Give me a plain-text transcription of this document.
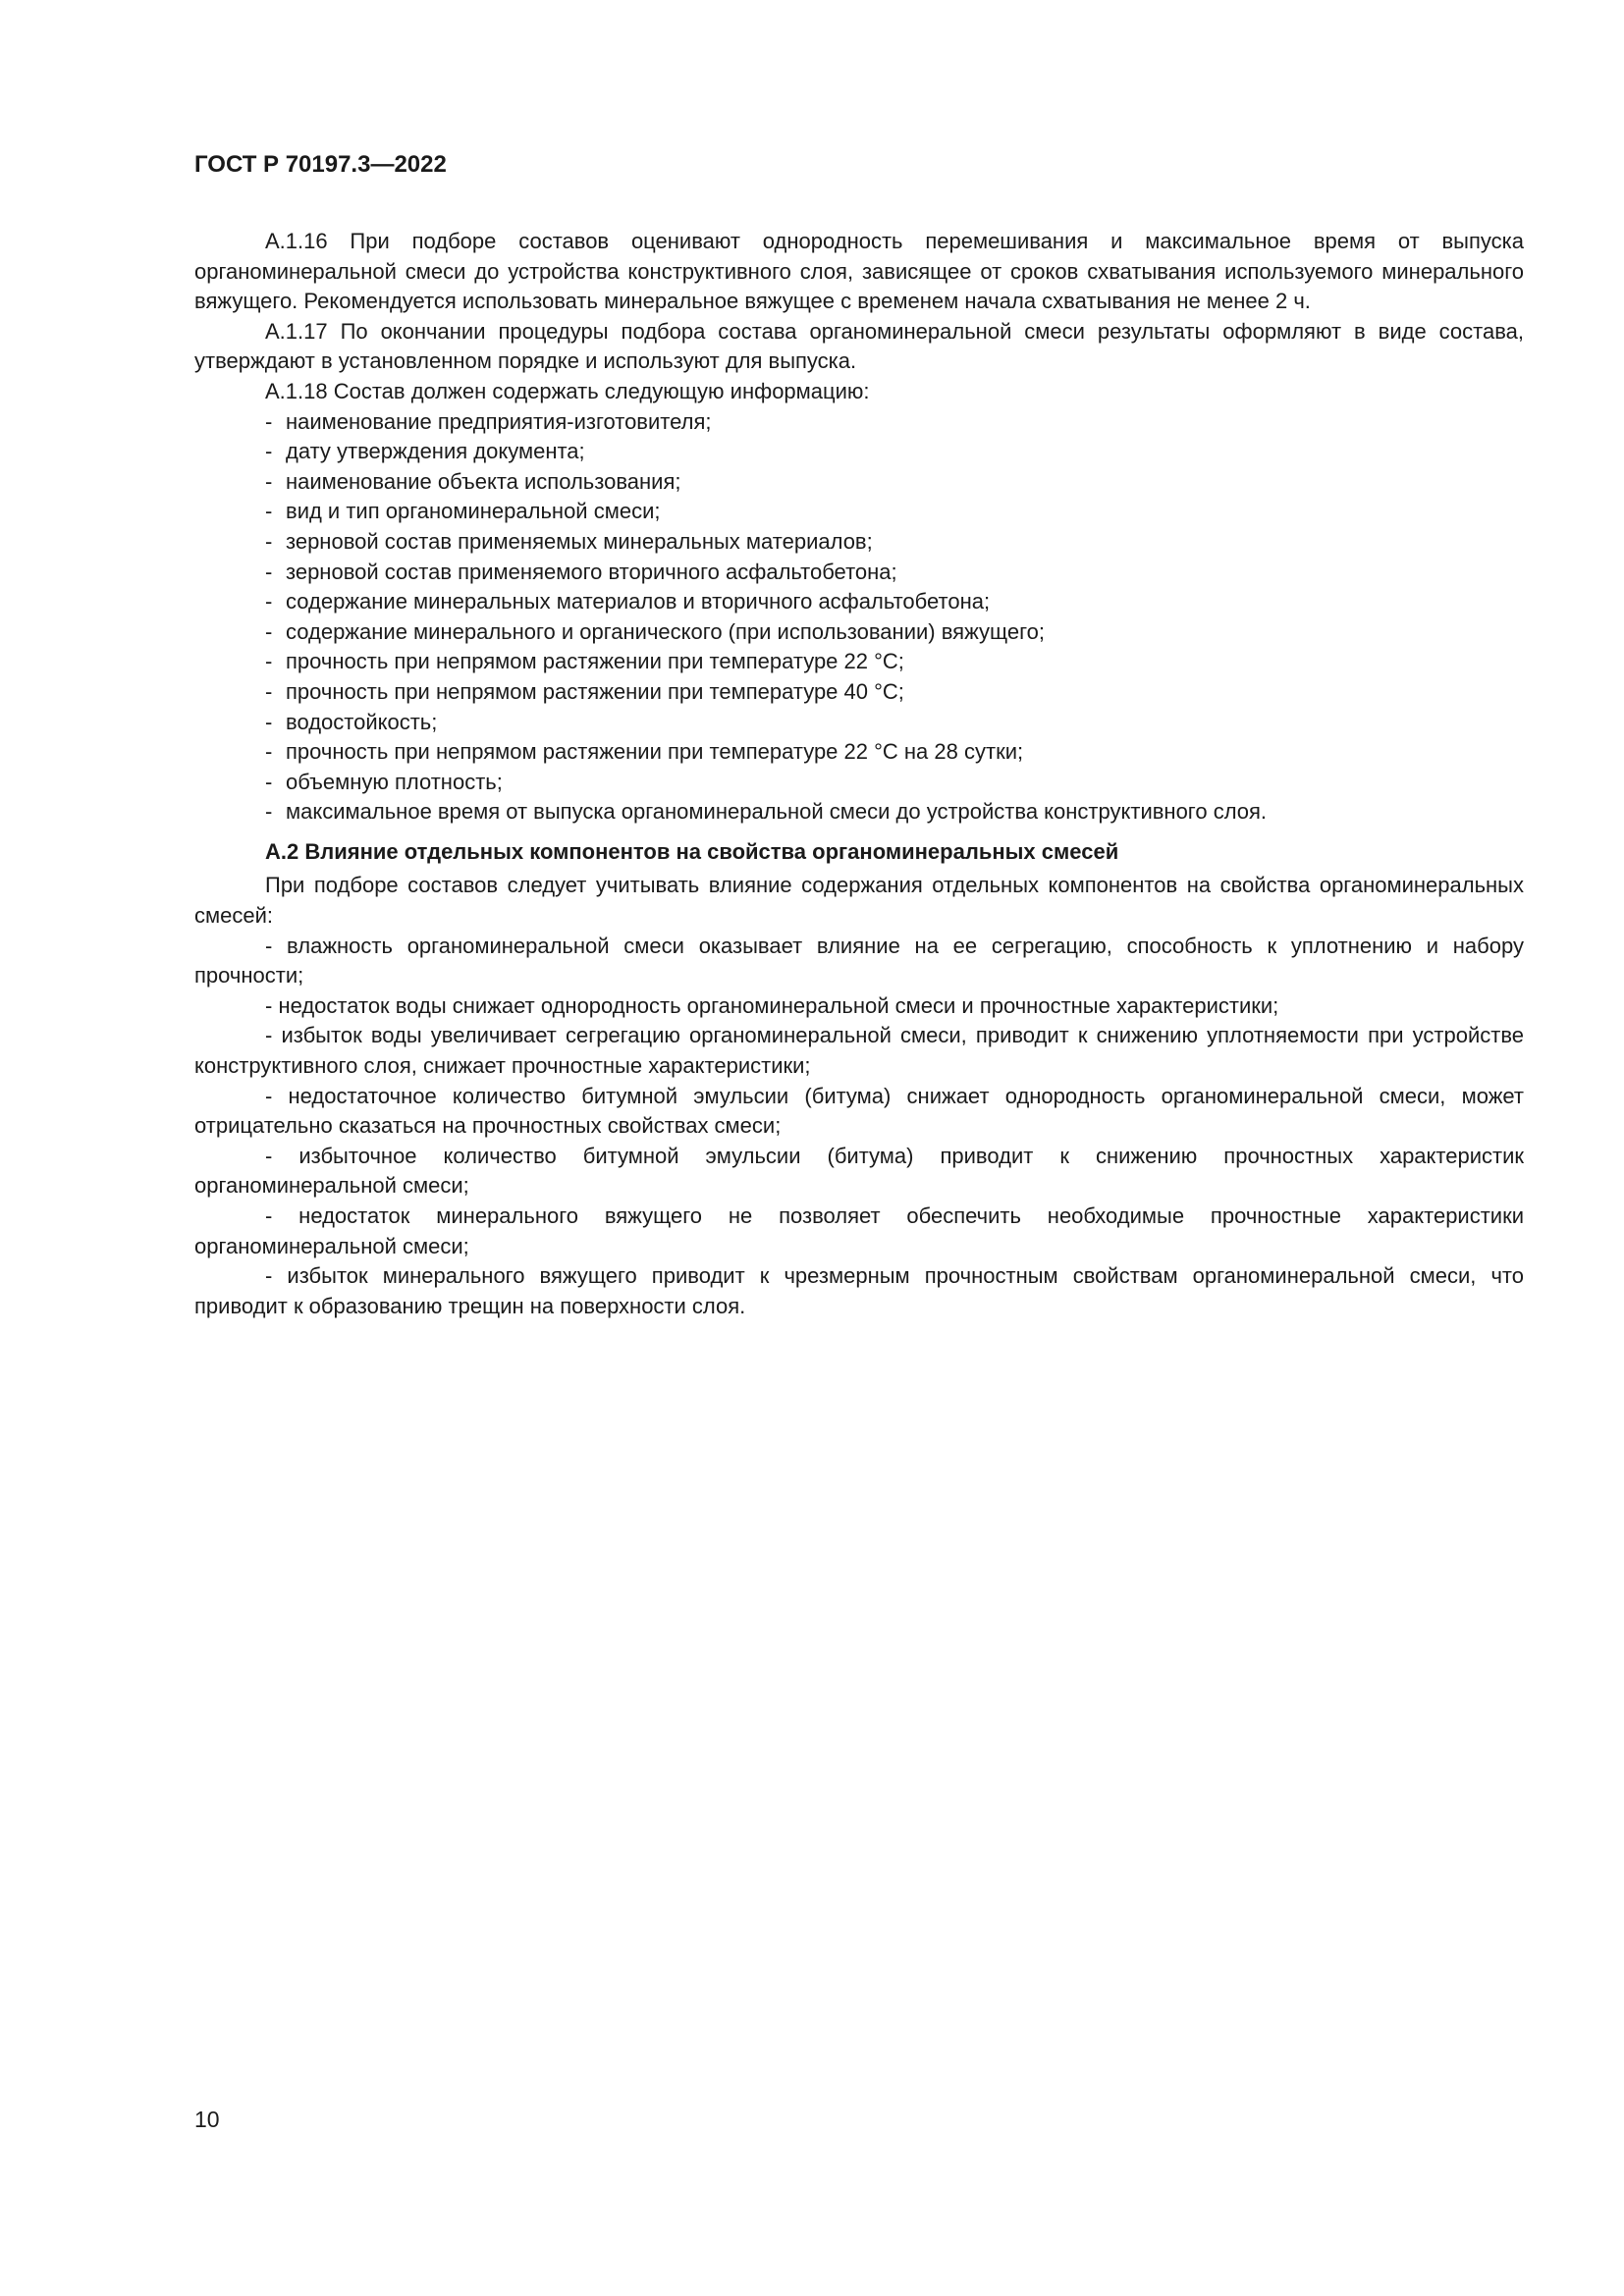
ГОСТ Р 70197.3—2022

А.1.16 При подборе составов оценивают однородность перемешивания и максимальное время от выпуска органоминеральной смеси до устройства конструктивного слоя, зависящее от сроков схватывания используемого минерального вяжущего. Рекомендуется использовать минеральное вяжущее с временем начала схватывания не менее 2 ч.

А.1.17 По окончании процедуры подбора состава органоминеральной смеси результаты оформляют в виде состава, утверждают в установленном порядке и используют для выпуска.

А.1.18 Состав должен содержать следующую информацию:

- наименование предприятия-изготовителя;
- дату утверждения документа;
- наименование объекта использования;
- вид и тип органоминеральной смеси;
- зерновой состав применяемых минеральных материалов;
- зерновой состав применяемого вторичного асфальтобетона;
- содержание минеральных материалов и вторичного асфальтобетона;
- содержание минерального и органического (при использовании) вяжущего;
- прочность при непрямом растяжении при температуре 22 °С;
- прочность при непрямом растяжении при температуре 40 °С;
- водостойкость;
- прочность при непрямом растяжении при температуре 22 °С на 28 сутки;
- объемную плотность;
- максимальное время от выпуска органоминеральной смеси до устройства конструктивного слоя.
А.2 Влияние отдельных компонентов на свойства органоминеральных смесей

При подборе составов следует учитывать влияние содержания отдельных компонентов на свойства органоминеральных смесей:

- влажность органоминеральной смеси оказывает влияние на ее сегрегацию, способность к уплотнению и набору прочности;

- недостаток воды снижает однородность органоминеральной смеси и прочностные характеристики;

- избыток воды увеличивает сегрегацию органоминеральной смеси, приводит к снижению уплотняемости при устройстве конструктивного слоя, снижает прочностные характеристики;

- недостаточное количество битумной эмульсии (битума) снижает однородность органоминеральной смеси, может отрицательно сказаться на прочностных свойствах смеси;

- избыточное количество битумной эмульсии (битума) приводит к снижению прочностных характеристик органоминеральной смеси;

- недостаток минерального вяжущего не позволяет обеспечить необходимые прочностные характеристики органоминеральной смеси;

- избыток минерального вяжущего приводит к чрезмерным прочностным свойствам органоминеральной смеси, что приводит к образованию трещин на поверхности слоя.

10
